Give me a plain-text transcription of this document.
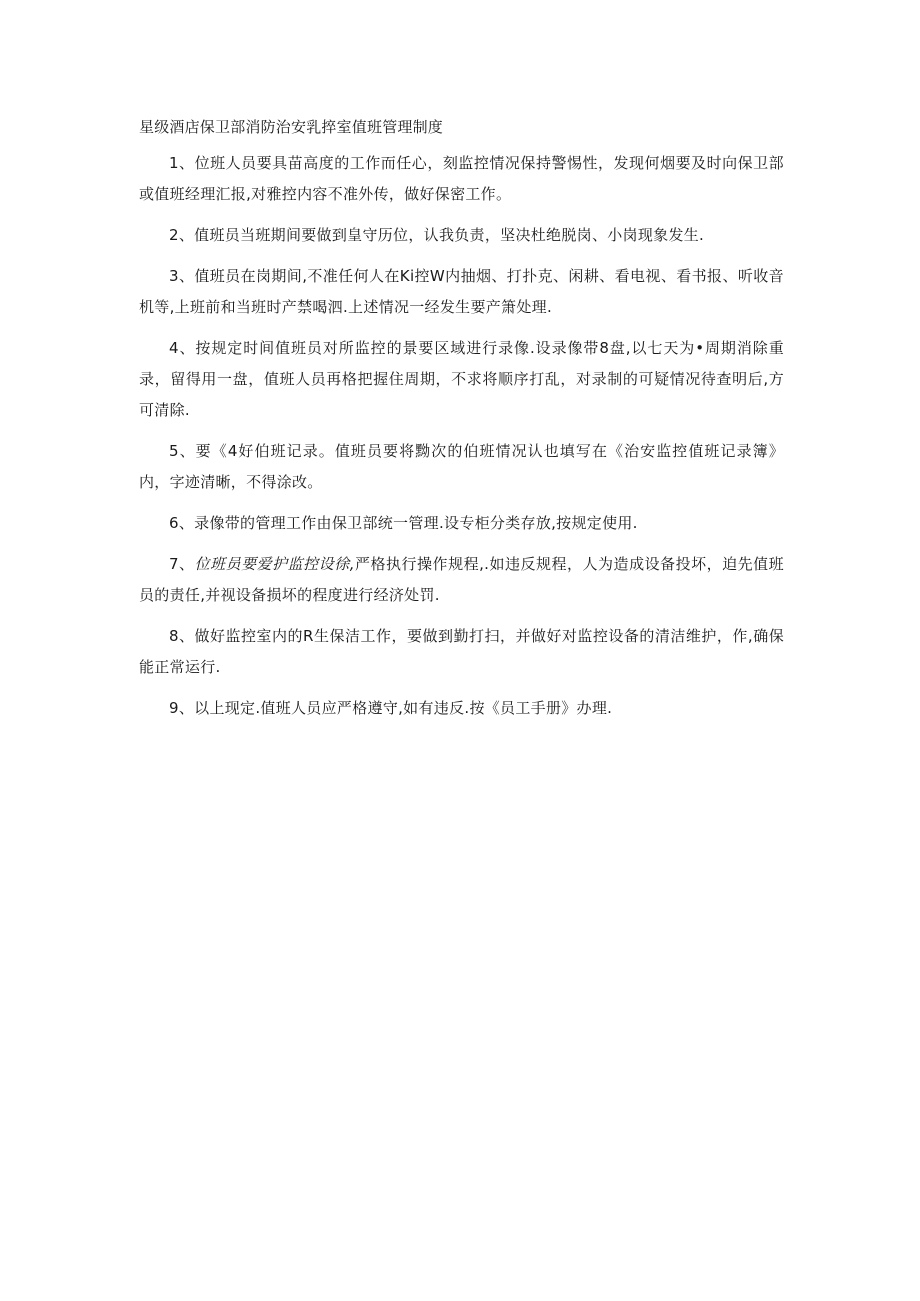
星级酒店保卫部消防治安乳捽室值班管理制度

1、位班人员要具苗高度的工作而任心，刻监控情况保持警惕性，发现何烟要及时向保卫部或值班经理汇报,对雅控内容不准外传，做好保密工作。

2、值班员当班期间要做到皇守历位，认我负责，坚决杜绝脱岗、小岗现象发生.

3、值班员在岗期间,不准任何人在Ki控W内抽烟、打扑克、闲耕、看电视、看书报、听收音机等,上班前和当班时产禁喝泗.上述情况一经发生要产箫处理.

4、按规定时间值班员对所监控的景要区域进行录像.设录像带8盘,以七天为•周期消除重录，留得用一盘，值班人员再格把握住周期，不求将顺序打乱，对录制的可疑情况待查明后,方可清除.

5、要《4好伯班记录。值班员要将黝次的伯班情况认也填写在《治安监控值班记录簿》内，字迹清晰，不得涂改。

6、录像带的管理工作由保卫部统一管理.设专柜分类存放,按规定使用.

7、位班员要爱护监控设徐,严格执行操作规程,.如违反规程，人为造成设备投坏，迫先值班员的责任,并视设备损坏的程度进行经济处罚.

8、做好监控室内的R生保洁工作，要做到勤打扫，并做好对监控设备的清洁维护，作,确保能正常运行.

9、以上现定.值班人员应严格遵守,如有违反.按《员工手册》办理.
